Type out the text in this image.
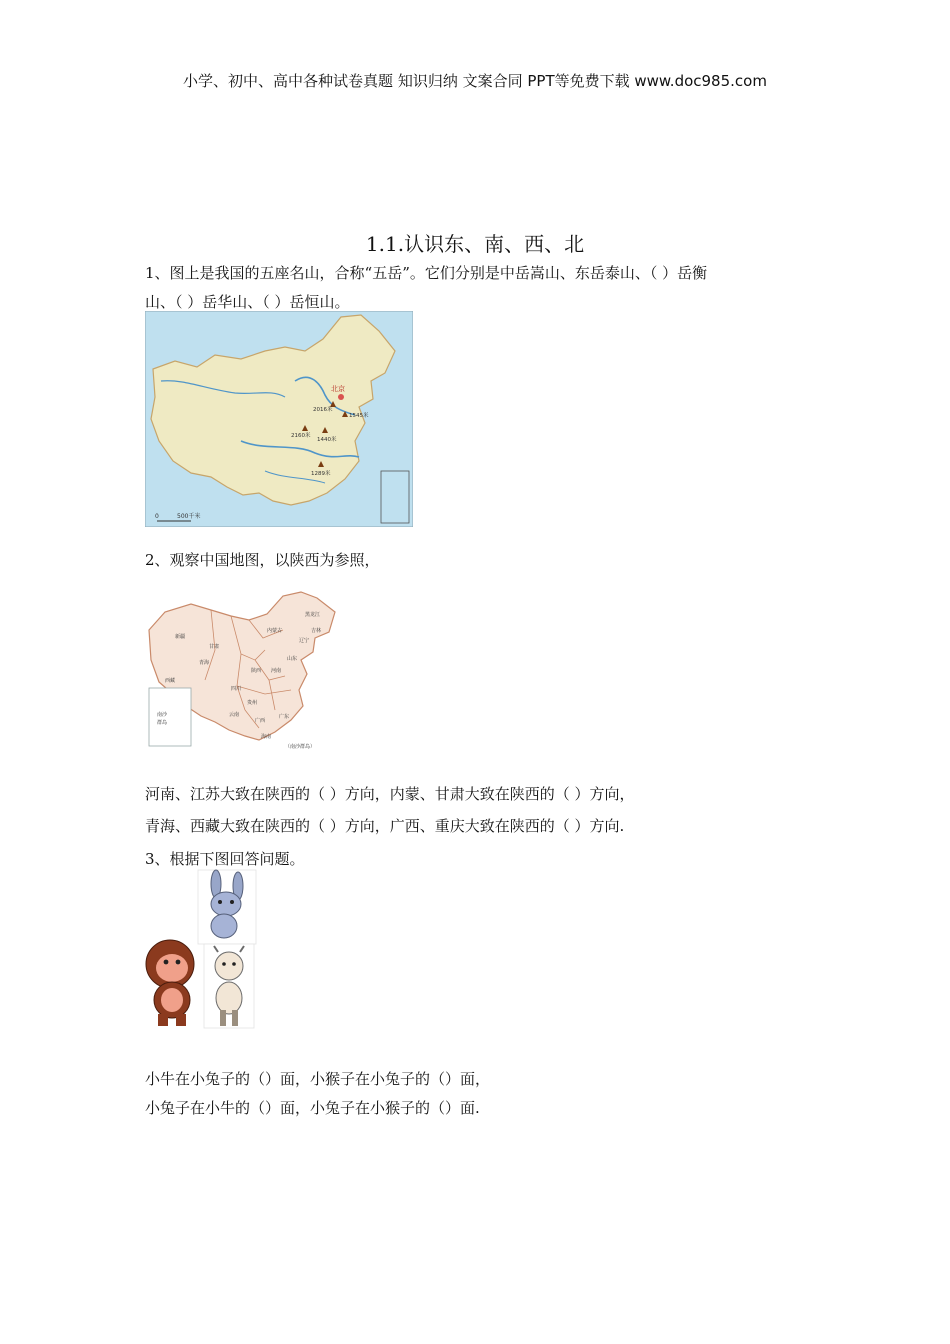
小学、初中、高中各种试卷真题 知识归纳 文案合同 PPT等免费下载 www.doc985.com
1.1.认识东、南、西、北
1、图上是我国的五座名山，合称“五岳”。它们分别是中岳嵩山、东岳泰山、（ ）岳衡
山、（ ）岳华山、（ ）岳恒山。
北京
2016米
1545米
2160米
1440米
1289米
0	500千米
2、观察中国地图，以陕西为参照，
新疆
西藏
青海
甘肃
内蒙古
黑龙江
吉林
辽宁
四川
陕西 河南
山东
云南
贵州
广西
广东
海南
南沙
群岛
（南沙群岛）
河南、江苏大致在陕西的（ ）方向，内蒙、甘肃大致在陕西的（ ）方向，
青海、西藏大致在陕西的（ ）方向，广西、重庆大致在陕西的（ ）方向.
3、根据下图回答问题。
小牛在小兔子的（）面，小猴子在小兔子的（）面，
小兔子在小牛的（）面，小兔子在小猴子的（）面.
